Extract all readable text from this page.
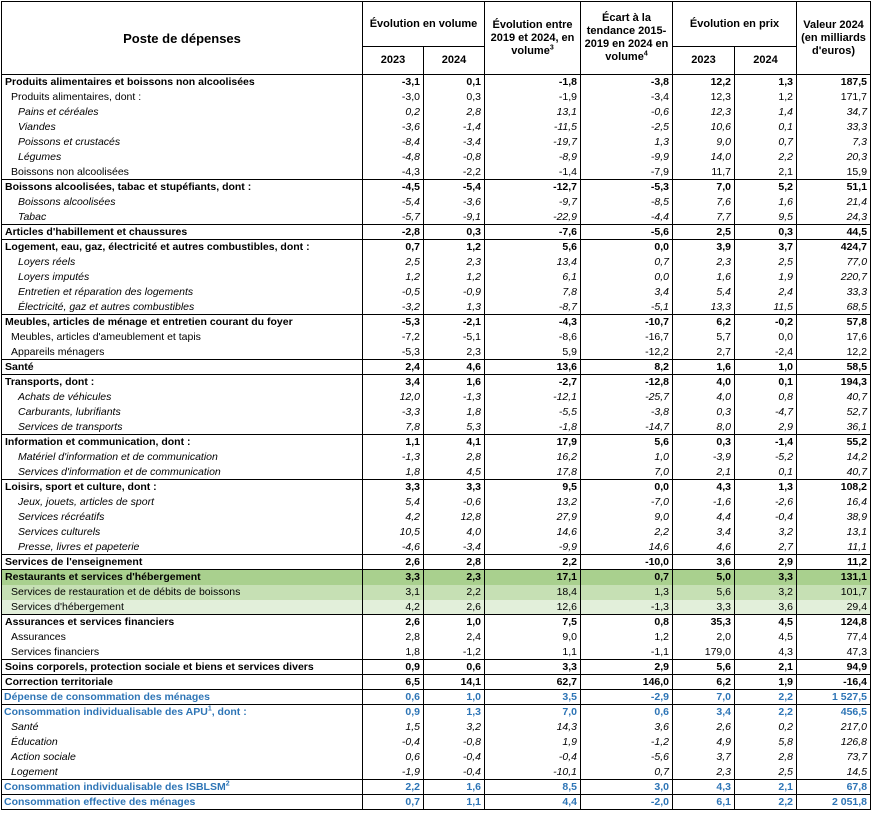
Poste de dépenses	Évolution en volume		Évolution entre 2019 et 2024, en volume$^3$	Écart à la tendance 2015-2019 en 2024 en volume$^4$	Évolution en prix		Valeur 2024 (en milliards d'euros)
	2023	2024			2023	2024	
Produits alimentaires et boissons non alcoolisées	-3,1	0,1	-1,8	-3,8	12,2	1,3	187,5
Produits alimentaires, dont :	-3,0	0,3	-1,9	-3,4	12,3	1,2	171,7
Pains et céréales	0,2	2,8	13,1	-0,6	12,3	1,4	34,7
Viandes	-3,6	-1,4	-11,5	-2,5	10,6	0,1	33,3
Poissons et crustacés	-8,4	-3,4	-19,7	1,3	9,0	0,7	7,3
Légumes	-4,8	-0,8	-8,9	-9,9	14,0	2,2	20,3
Boissons non alcoolisées	-4,3	-2,2	-1,4	-7,9	11,7	2,1	15,9
Boissons alcoolisées, tabac et stupéfiants, dont :	-4,5	-5,4	-12,7	-5,3	7,0	5,2	51,1
Boissons alcoolisées	-5,4	-3,6	-9,7	-8,5	7,6	1,6	21,4
Tabac	-5,7	-9,1	-22,9	-4,4	7,7	9,5	24,3
Articles d'habillement et chaussures	-2,8	0,3	-7,6	-5,6	2,5	0,3	44,5
Logement, eau, gaz, électricité et autres combustibles, dont :	0,7	1,2	5,6	0,0	3,9	3,7	424,7
Loyers réels	2,5	2,3	13,4	0,7	2,3	2,5	77,0
Loyers imputés	1,2	1,2	6,1	0,0	1,6	1,9	220,7
Entretien et réparation des logements	-0,5	-0,9	7,8	3,4	5,4	2,4	33,3
Électricité, gaz et autres combustibles	-3,2	1,3	-8,7	-5,1	13,3	11,5	68,5
Meubles, articles de ménage et entretien courant du foyer	-5,3	-2,1	-4,3	-10,7	6,2	-0,2	57,8
Meubles, articles d'ameublement et tapis	-7,2	-5,1	-8,6	-16,7	5,7	0,0	17,6
Appareils ménagers	-5,3	2,3	5,9	-12,2	2,7	-2,4	12,2
Santé	2,4	4,6	13,6	8,2	1,6	1,0	58,5
Transports, dont :	3,4	1,6	-2,7	-12,8	4,0	0,1	194,3
Achats de véhicules	12,0	-1,3	-12,1	-25,7	4,0	0,8	40,7
Carburants, lubrifiants	-3,3	1,8	-5,5	-3,8	0,3	-4,7	52,7
Services de transports	7,8	5,3	-1,8	-14,7	8,0	2,9	36,1
Information et communication, dont :	1,1	4,1	17,9	5,6	0,3	-1,4	55,2
Matériel d'information et de communication	-1,3	2,8	16,2	1,0	-3,9	-5,2	14,2
Services d'information et de communication	1,8	4,5	17,8	7,0	2,1	0,1	40,7
Loisirs, sport et culture, dont :	3,3	3,3	9,5	0,0	4,3	1,3	108,2
Jeux, jouets, articles de sport	5,4	-0,6	13,2	-7,0	-1,6	-2,6	16,4
Services récréatifs	4,2	12,8	27,9	9,0	4,4	-0,4	38,9
Services culturels	10,5	4,0	14,6	2,2	3,4	3,2	13,1
Presse, livres et papeterie	-4,6	-3,4	-9,9	14,6	4,6	2,7	11,1
Services de l'enseignement	2,6	2,8	2,2	-10,0	3,6	2,9	11,2
Restaurants et services d'hébergement	3,3	2,3	17,1	0,7	5,0	3,3	131,1
Services de restauration et de débits de boissons	3,1	2,2	18,4	1,3	5,6	3,2	101,7
Services d'hébergement	4,2	2,6	12,6	-1,3	3,3	3,6	29,4
Assurances et services financiers	2,6	1,0	7,5	0,8	35,3	4,5	124,8
Assurances	2,8	2,4	9,0	1,2	2,0	4,5	77,4
Services financiers	1,8	-1,2	1,1	-1,1	179,0	4,3	47,3
Soins corporels, protection sociale et biens et services divers	0,9	0,6	3,3	2,9	5,6	2,1	94,9
Correction territoriale	6,5	14,1	62,7	146,0	6,2	1,9	-16,4
Dépense de consommation des ménages	0,6	1,0	3,5	-2,9	7,0	2,2	1 527,5
Consommation individualisable des APU$^1$, dont :	0,9	1,3	7,0	0,6	3,4	2,2	456,5
Santé	1,5	3,2	14,3	3,6	2,6	0,2	217,0
Éducation	-0,4	-0,8	1,9	-1,2	4,9	5,8	126,8
Action sociale	0,6	-0,4	-0,4	-5,6	3,7	2,8	73,7
Logement	-1,9	-0,4	-10,1	0,7	2,3	2,5	14,5
Consommation individualisable des ISBLSM$^2$	2,2	1,6	8,5	3,0	4,3	2,1	67,8
Consommation effective des ménages	0,7	1,1	4,4	-2,0	6,1	2,2	2 051,8
